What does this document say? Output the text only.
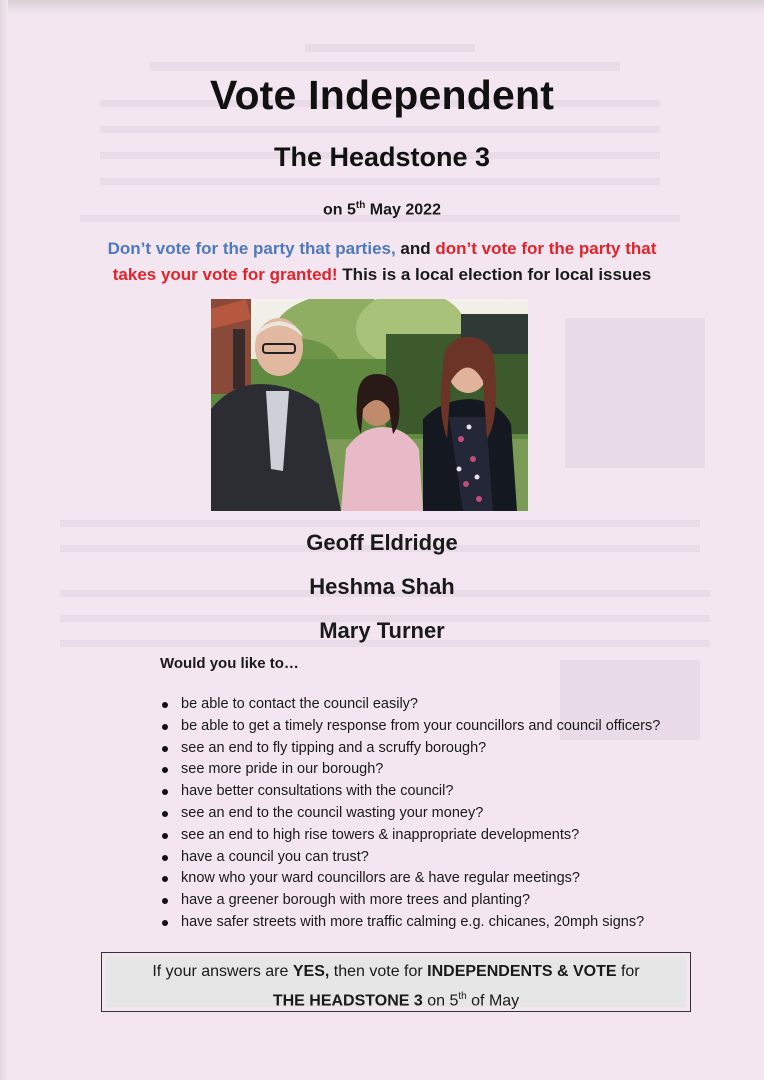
Vote Independent
The Headstone 3
on 5th May 2022
Don’t vote for the party that parties, and don’t vote for the party that
takes your vote for granted! This is a local election for local issues
Geoff Eldridge
Heshma Shah
Mary Turner
Would you like to…
be able to contact the council easily?
be able to get a timely response from your councillors and council officers?
see an end to fly tipping and a scruffy borough?
see more pride in our borough?
have better consultations with the council?
see an end to the council wasting your money?
see an end to high rise towers & inappropriate developments?
have a council you can trust?
know who your ward councillors are & have regular meetings?
have a greener borough with more trees and planting?
have safer streets with more traffic calming e.g. chicanes, 20mph signs?
If your answers are YES, then vote for INDEPENDENTS & VOTE for
THE HEADSTONE 3 on 5th of May
